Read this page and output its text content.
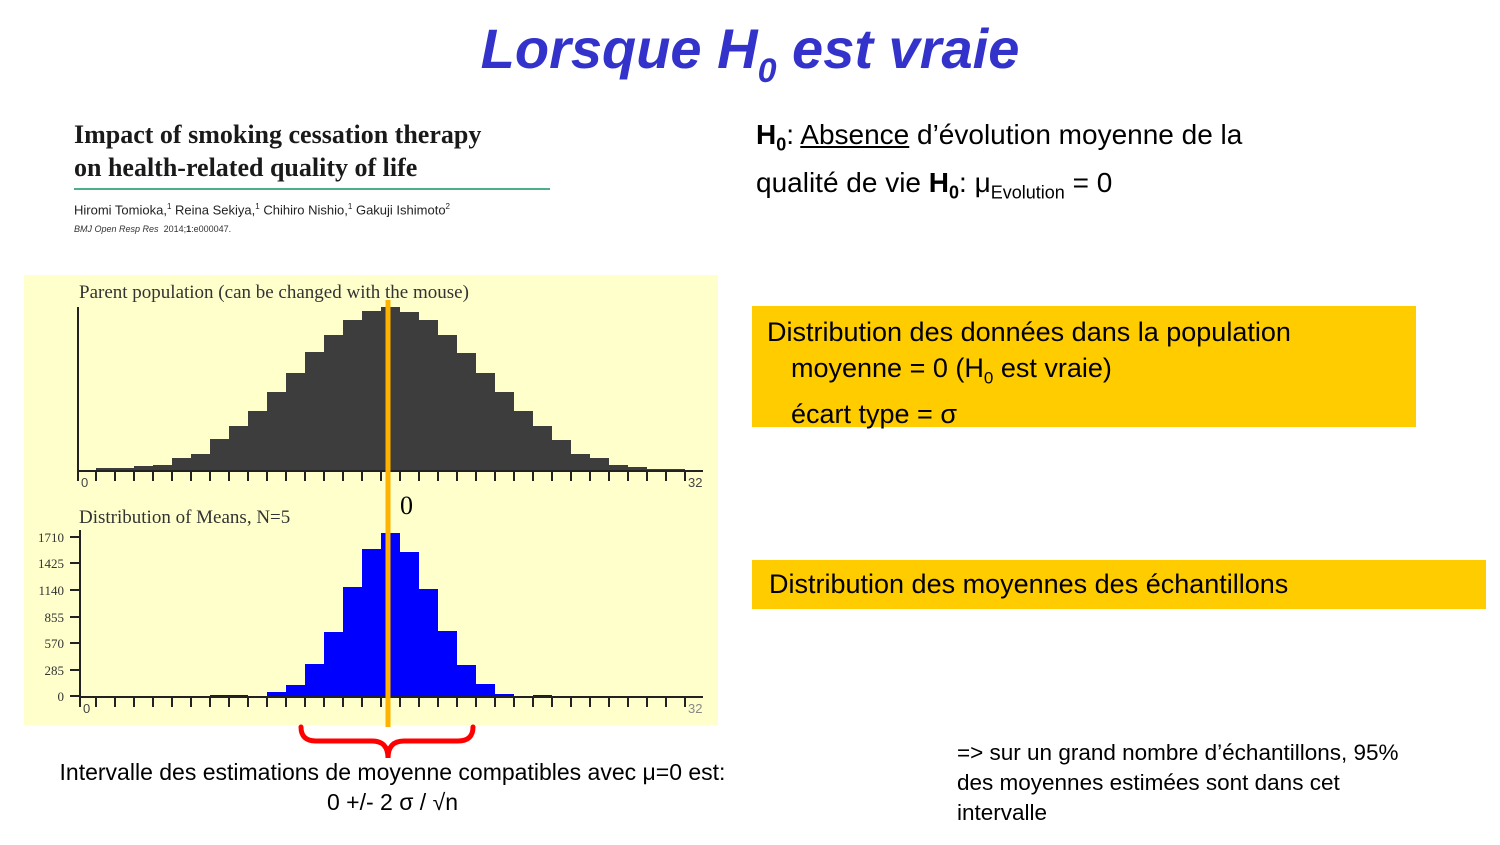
Lorsque $H_0$ est vraie
Impact of smoking cessation therapy
on health-related quality of life
Hiromi Tomioka,$^1$ Reina Sekiya,$^1$ Chihiro Nishio,$^1$ Gakuji Ishimoto$^2$
BMJ Open Resp Res 2014;1:e000047.
$H_0$: Absence d’évolution moyenne de la
qualité de vie $H_0$: $\mu_{Evolution} = 0$
Parent population (can be changed with the mouse)
0	32
0
Distribution of Means, N=5
1710
1425
1140
855
570
285
0
0	32
Distribution des données dans la population
moyenne = 0 ($H_0$ est vraie)
écart type = σ
Distribution des moyennes des échantillons
Intervalle des estimations de moyenne compatibles avec μ=0 est:
0 +/- 2 σ / √n
=> sur un grand nombre d’échantillons, 95%
des moyennes estimées sont dans cet
intervalle
